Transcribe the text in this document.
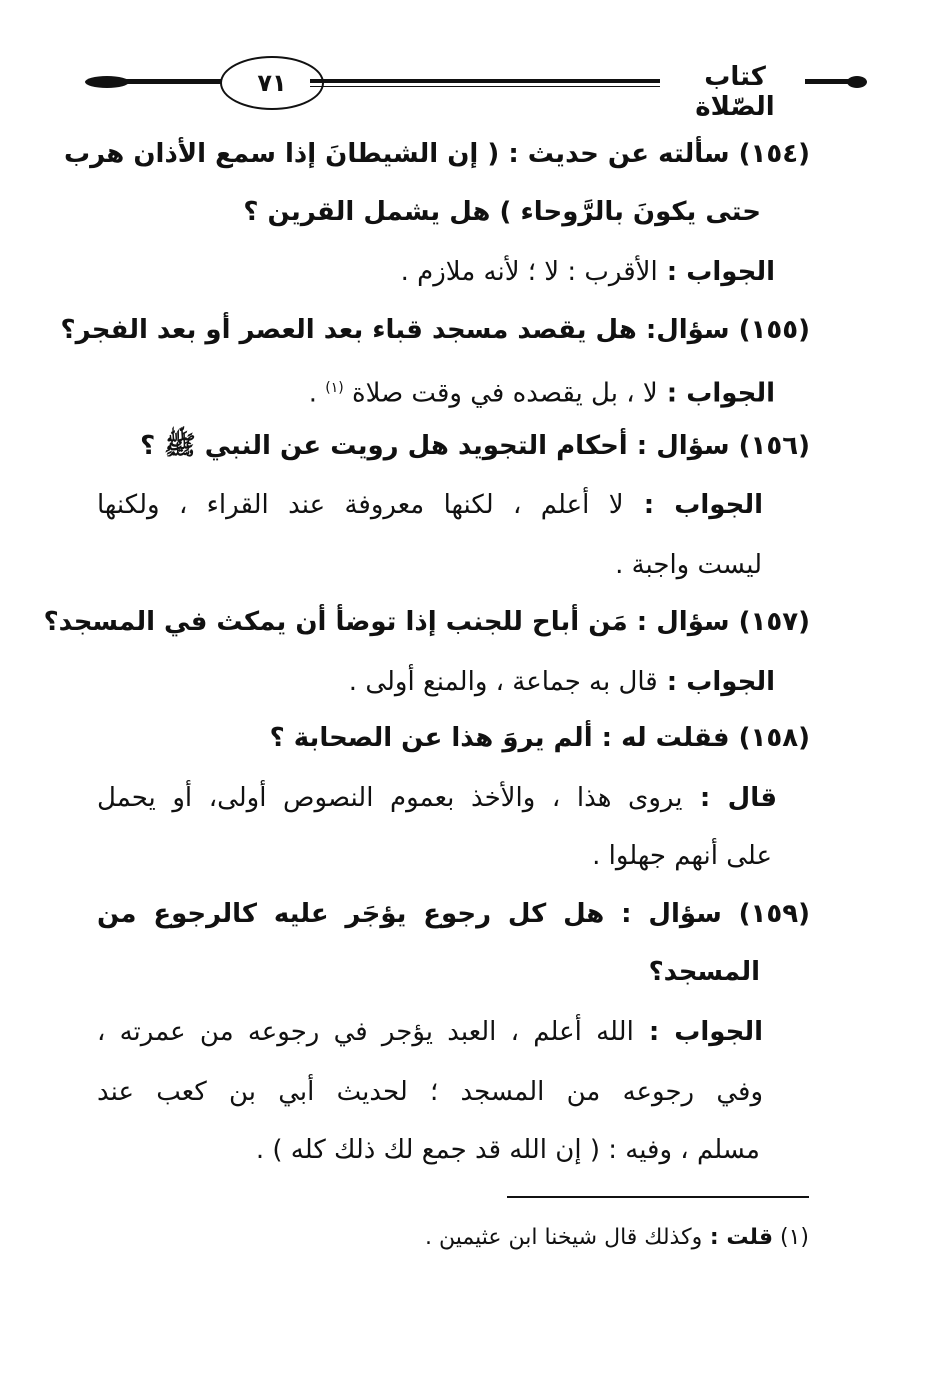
٧١	كتاب الصّلاة
(١٥٤) سألته عن حديث : ( إن الشيطانَ إذا سمع الأذان هرب
حتى يكونَ بالرَّوحاء ) هل يشمل القرين ؟
الجواب : الأقرب : لا ؛ لأنه ملازم .
(١٥٥) سؤال: هل يقصد مسجد قباء بعد العصر أو بعد الفجر؟
الجواب : لا ، بل يقصده في وقت صلاة $^{(١)}$ .
(١٥٦) سؤال : أحكام التجويد هل رويت عن النبي ﷺ ؟
الجواب : لا أعلم ، لكنها معروفة عند القراء ، ولكنها
ليست واجبة .
(١٥٧) سؤال : مَن أباح للجنب إذا توضأ أن يمكث في المسجد؟
الجواب : قال به جماعة ، والمنع أولى .
(١٥٨) فقلت له : ألم يروَ هذا عن الصحابة ؟
قال : يروى هذا ، والأخذ بعموم النصوص أولى، أو يحمل
على أنهم جهلوا .
(١٥٩) سؤال : هل كل رجوع يؤجَر عليه كالرجوع من
المسجد؟
الجواب : الله أعلم ، العبد يؤجر في رجوعه من عمرته ،
وفي رجوعه من المسجد ؛ لحديث أبي بن كعب عند
مسلم ، وفيه : ( إن الله قد جمع لك ذلك كله ) .
(١) قلت : وكذلك قال شيخنا ابن عثيمين .
